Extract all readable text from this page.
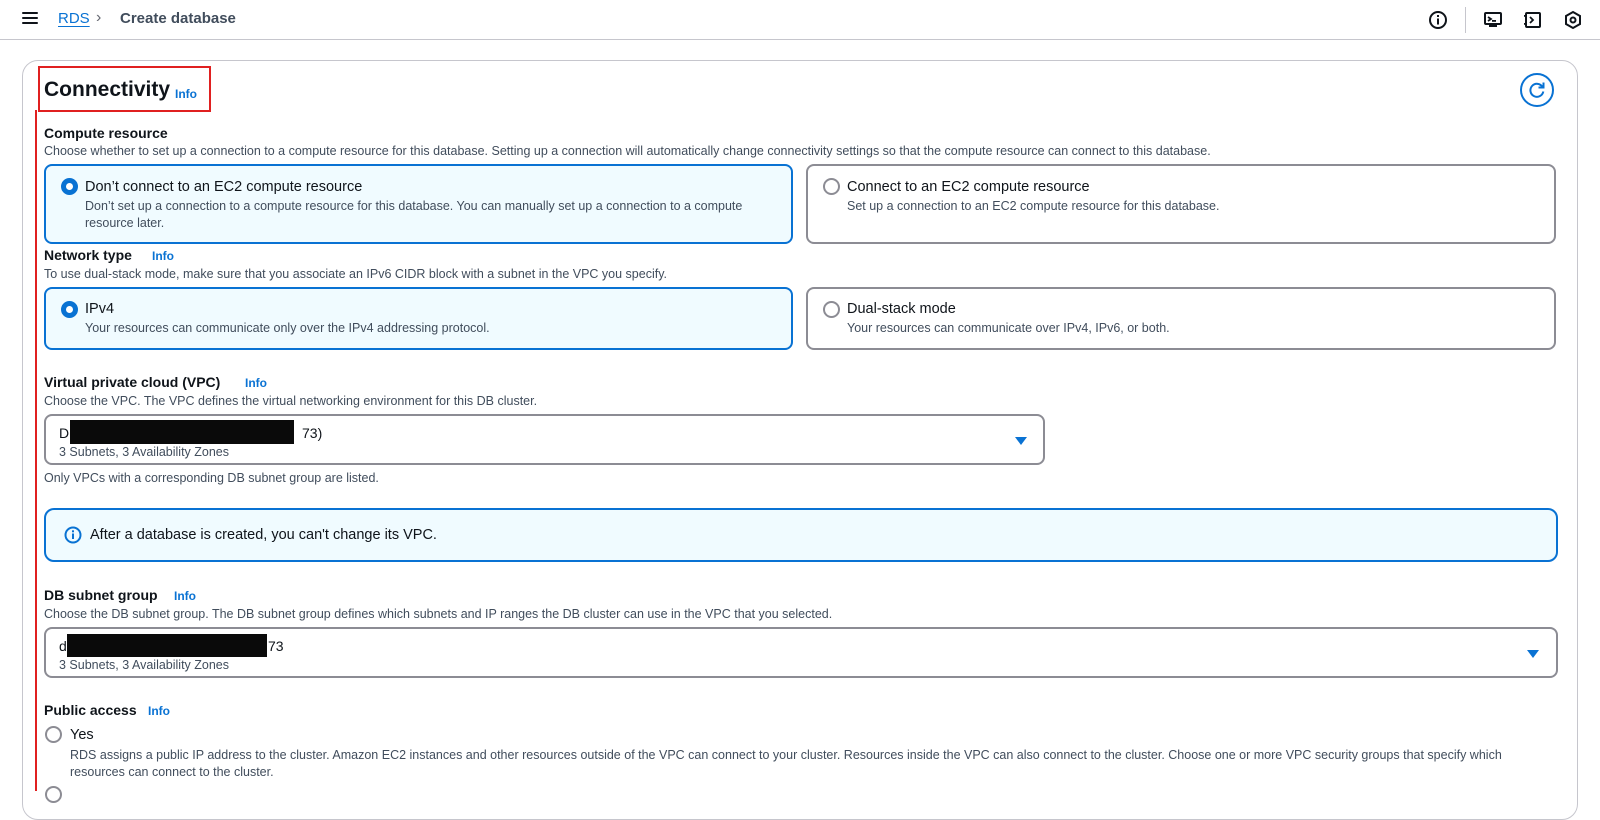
RDS › Create database
Connectivity Info
Compute resource
Choose whether to set up a connection to a compute resource for this database. Setting up a connection will automatically change connectivity settings so that the compute resource can connect to this database.
Don’t connect to an EC2 compute resource
Don’t set up a connection to a compute resource for this database. You can manually set up a connection to a compute resource later.
Connect to an EC2 compute resource
Set up a connection to an EC2 compute resource for this database.
Network type Info
To use dual-stack mode, make sure that you associate an IPv6 CIDR block with a subnet in the VPC you specify.
IPv4
Your resources can communicate only over the IPv4 addressing protocol.
Dual-stack mode
Your resources can communicate over IPv4, IPv6, or both.
Virtual private cloud (VPC) Info
Choose the VPC. The VPC defines the virtual networking environment for this DB cluster.
D	73)
3 Subnets, 3 Availability Zones
Only VPCs with a corresponding DB subnet group are listed.
After a database is created, you can't change its VPC.
DB subnet group Info
Choose the DB subnet group. The DB subnet group defines which subnets and IP ranges the DB cluster can use in the VPC that you selected.
d	73
3 Subnets, 3 Availability Zones
Public access Info
Yes
RDS assigns a public IP address to the cluster. Amazon EC2 instances and other resources outside of the VPC can connect to your cluster. Resources inside the VPC can also connect to the cluster. Choose one or more VPC security groups that specify which resources can connect to the cluster.
